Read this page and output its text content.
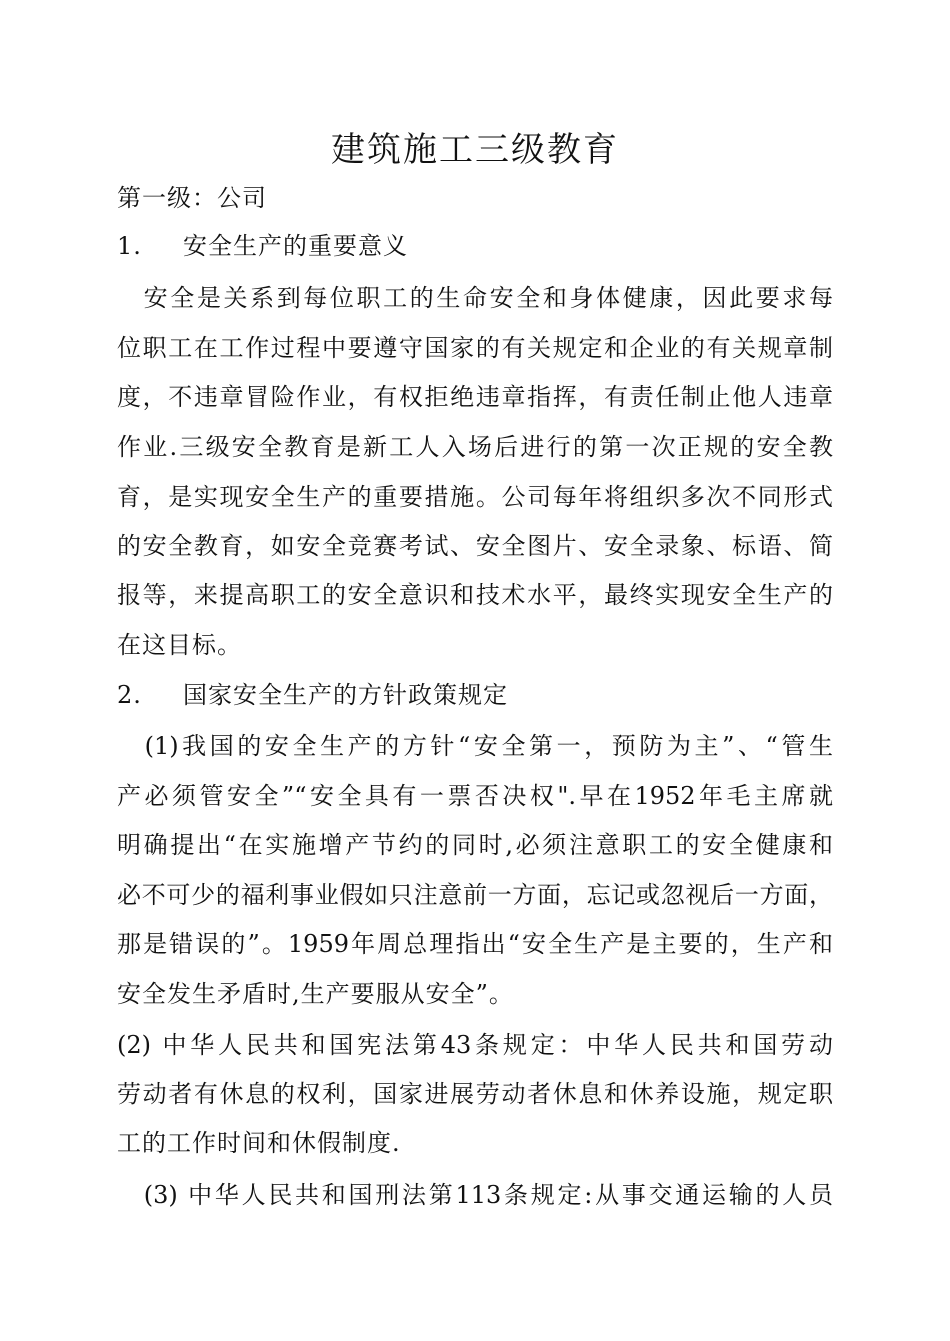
建筑施工三级教育
第一级：公司
1. 安全生产的重要意义
　安全是关系到每位职工的生命安全和身体健康，因此要求每
位职工在工作过程中要遵守国家的有关规定和企业的有关规章制
度，不违章冒险作业，有权拒绝违章指挥，有责任制止他人违章
作业.三级安全教育是新工人入场后进行的第一次正规的安全教
育，是实现安全生产的重要措施。公司每年将组织多次不同形式
的安全教育，如安全竞赛考试、安全图片、安全录象、标语、简
报等，来提高职工的安全意识和技术水平，最终实现安全生产的
在这目标。
2. 国家安全生产的方针政策规定
　(1)我国的安全生产的方针“安全第一，预防为主”、“管生
产必须管安全”“安全具有一票否决权".早在1952年毛主席就
明确提出“在实施增产节约的同时,必须注意职工的安全健康和
必不可少的福利事业假如只注意前一方面，忘记或忽视后一方面，
那是错误的”。1959年周总理指出“安全生产是主要的，生产和
安全发生矛盾时,生产要服从安全”。
(2) 中华人民共和国宪法第43条规定：中华人民共和国劳动
劳动者有休息的权利，国家进展劳动者休息和休养设施，规定职
工的工作时间和休假制度.
　(3) 中华人民共和国刑法第113条规定:从事交通运输的人员
